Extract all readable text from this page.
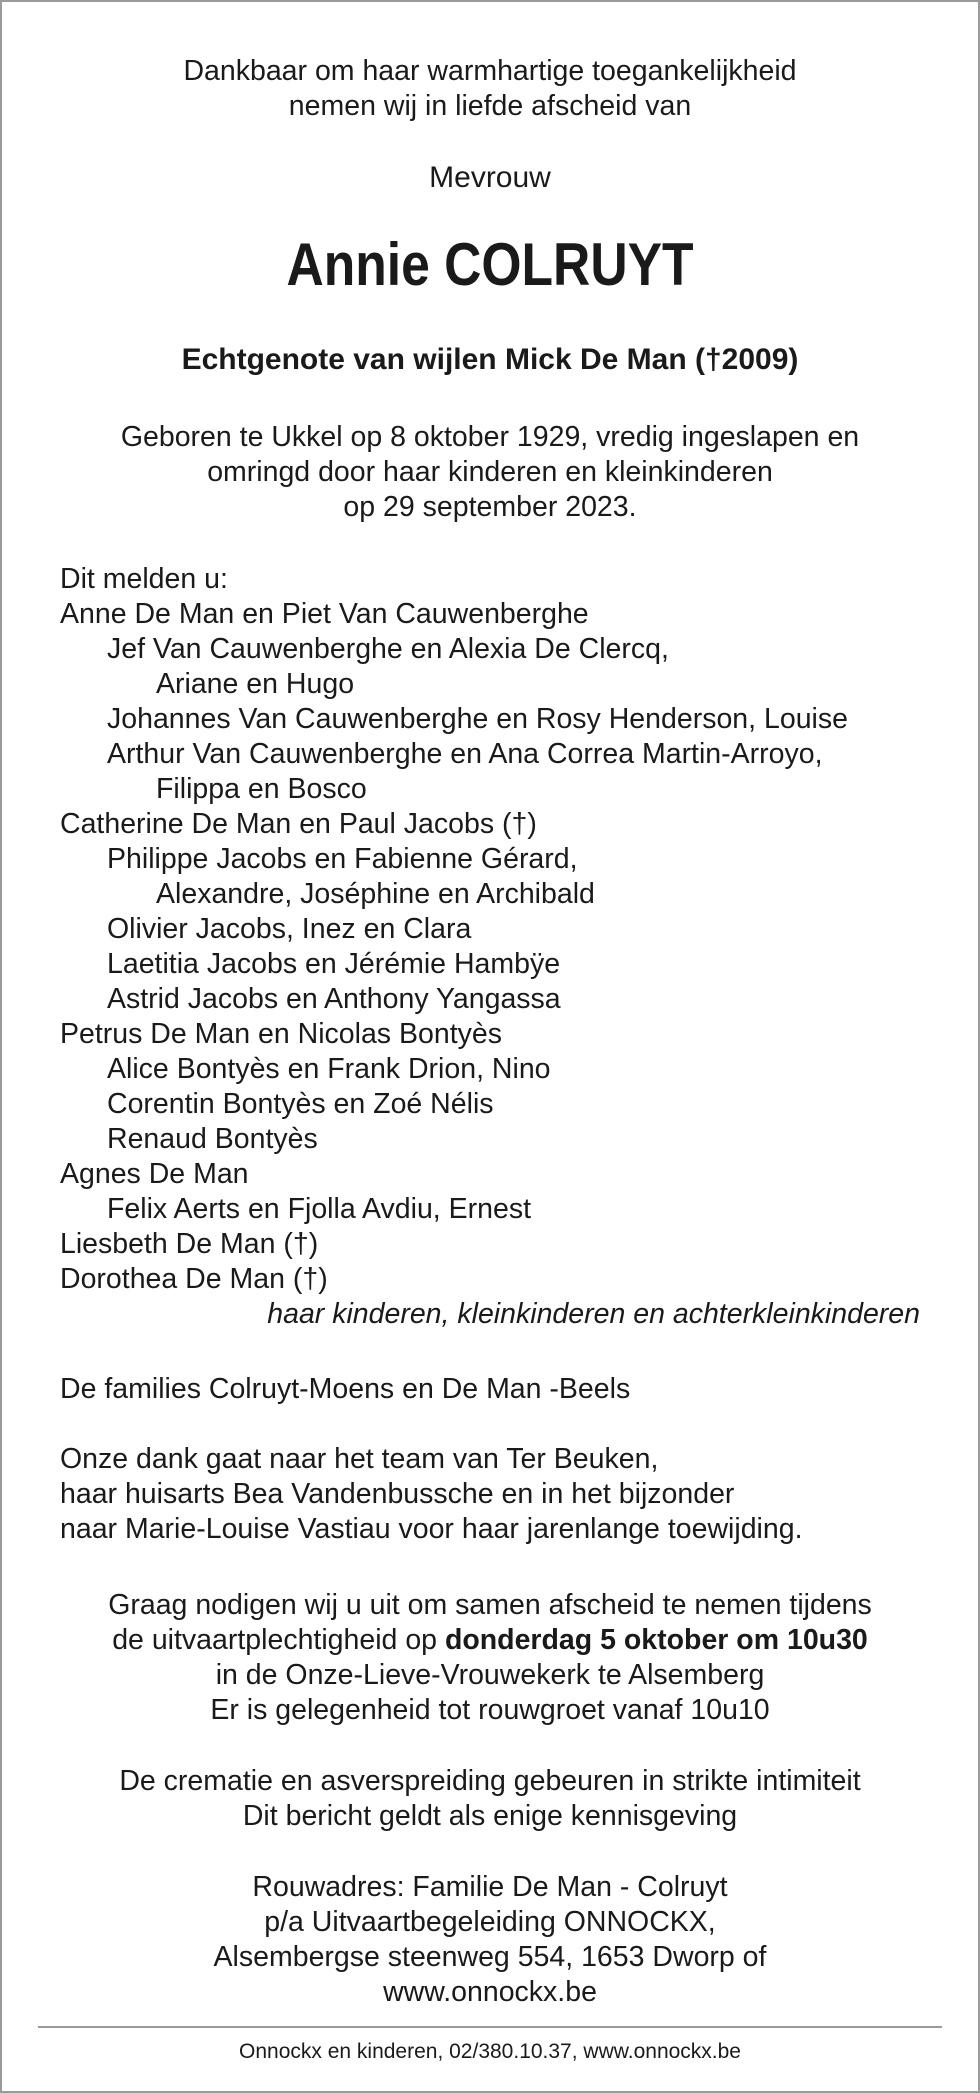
Dankbaar om haar warmhartige toegankelijkheid
nemen wij in liefde afscheid van
Mevrouw
Annie COLRUYT
Echtgenote van wijlen Mick De Man (†2009)
Geboren te Ukkel op 8 oktober 1929, vredig ingeslapen en
omringd door haar kinderen en kleinkinderen
op 29 september 2023.
Dit melden u:
Anne De Man en Piet Van Cauwenberghe
Jef Van Cauwenberghe en Alexia De Clercq,
Ariane en Hugo
Johannes Van Cauwenberghe en Rosy Henderson, Louise
Arthur Van Cauwenberghe en Ana Correa Martin-Arroyo,
Filippa en Bosco
Catherine De Man en Paul Jacobs (†)
Philippe Jacobs en Fabienne Gérard,
Alexandre, Joséphine en Archibald
Olivier Jacobs, Inez en Clara
Laetitia Jacobs en Jérémie Hambÿe
Astrid Jacobs en Anthony Yangassa
Petrus De Man en Nicolas Bontyès
Alice Bontyès en Frank Drion, Nino
Corentin Bontyès en Zoé Nélis
Renaud Bontyès
Agnes De Man
Felix Aerts en Fjolla Avdiu, Ernest
Liesbeth De Man (†)
Dorothea De Man (†)
haar kinderen, kleinkinderen en achterkleinkinderen
De families Colruyt-Moens en De Man -Beels
Onze dank gaat naar het team van Ter Beuken,
haar huisarts Bea Vandenbussche en in het bijzonder
naar Marie-Louise Vastiau voor haar jarenlange toewijding.
Graag nodigen wij u uit om samen afscheid te nemen tijdens
de uitvaartplechtigheid op donderdag 5 oktober om 10u30
in de Onze-Lieve-Vrouwekerk te Alsemberg
Er is gelegenheid tot rouwgroet vanaf 10u10
De crematie en asverspreiding gebeuren in strikte intimiteit
Dit bericht geldt als enige kennisgeving
Rouwadres: Familie De Man - Colruyt
p/a Uitvaartbegeleiding ONNOCKX,
Alsembergse steenweg 554, 1653 Dworp of
www.onnockx.be
Onnockx en kinderen, 02/380.10.37, www.onnockx.be
